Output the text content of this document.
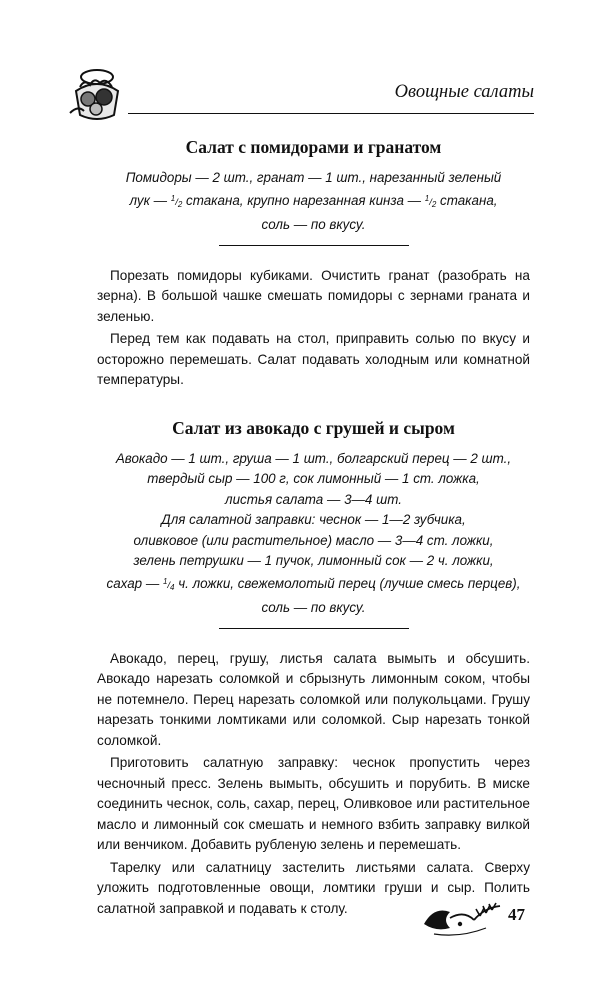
Овощные салаты
Салат с помидорами и гранатом
Помидоры — 2 шт., гранат — 1 шт., нарезанный зеленый
лук — $^1/_2$ стакана, крупно нарезанная кинза — $^1/_2$ стакана,
соль — по вкусу.

Порезать помидоры кубиками. Очистить гранат (разобрать на зерна). В большой чашке смешать помидоры с зернами граната и зеленью.

Перед тем как подавать на стол, приправить солью по вкусу и осторожно перемешать. Салат подавать холодным или комнатной температуры.

Салат из авокадо с грушей и сыром
Авокадо — 1 шт., груша — 1 шт., болгарский перец — 2 шт.,
твердый сыр — 100 г, сок лимонный — 1 ст. ложка,
листья салата — 3—4 шт.
Для салатной заправки: чеснок — 1—2 зубчика,
оливковое (или растительное) масло — 3—4 ст. ложки,
зелень петрушки — 1 пучок, лимонный сок — 2 ч. ложки,
сахар — $^1/_4$ ч. ложки, свежемолотый перец (лучше смесь перцев),
соль — по вкусу.

Авокадо, перец, грушу, листья салата вымыть и обсушить. Авокадо нарезать соломкой и сбрызнуть лимонным соком, чтобы не потемнело. Перец нарезать соломкой или полукольцами. Грушу нарезать тонкими ломтиками или соломкой. Сыр нарезать тонкой соломкой.

Приготовить салатную заправку: чеснок пропустить через чесночный пресс. Зелень вымыть, обсушить и порубить. В миске соединить чеснок, соль, сахар, перец, Оливковое или растительное масло и лимонный сок смешать и немного взбить заправку вилкой или венчиком. Добавить рубленую зелень и перемешать.

Тарелку или салатницу застелить листьями салата. Сверху уложить подготовленные овощи, ломтики груши и сыр. Полить салатной заправкой и подавать к столу.	47
